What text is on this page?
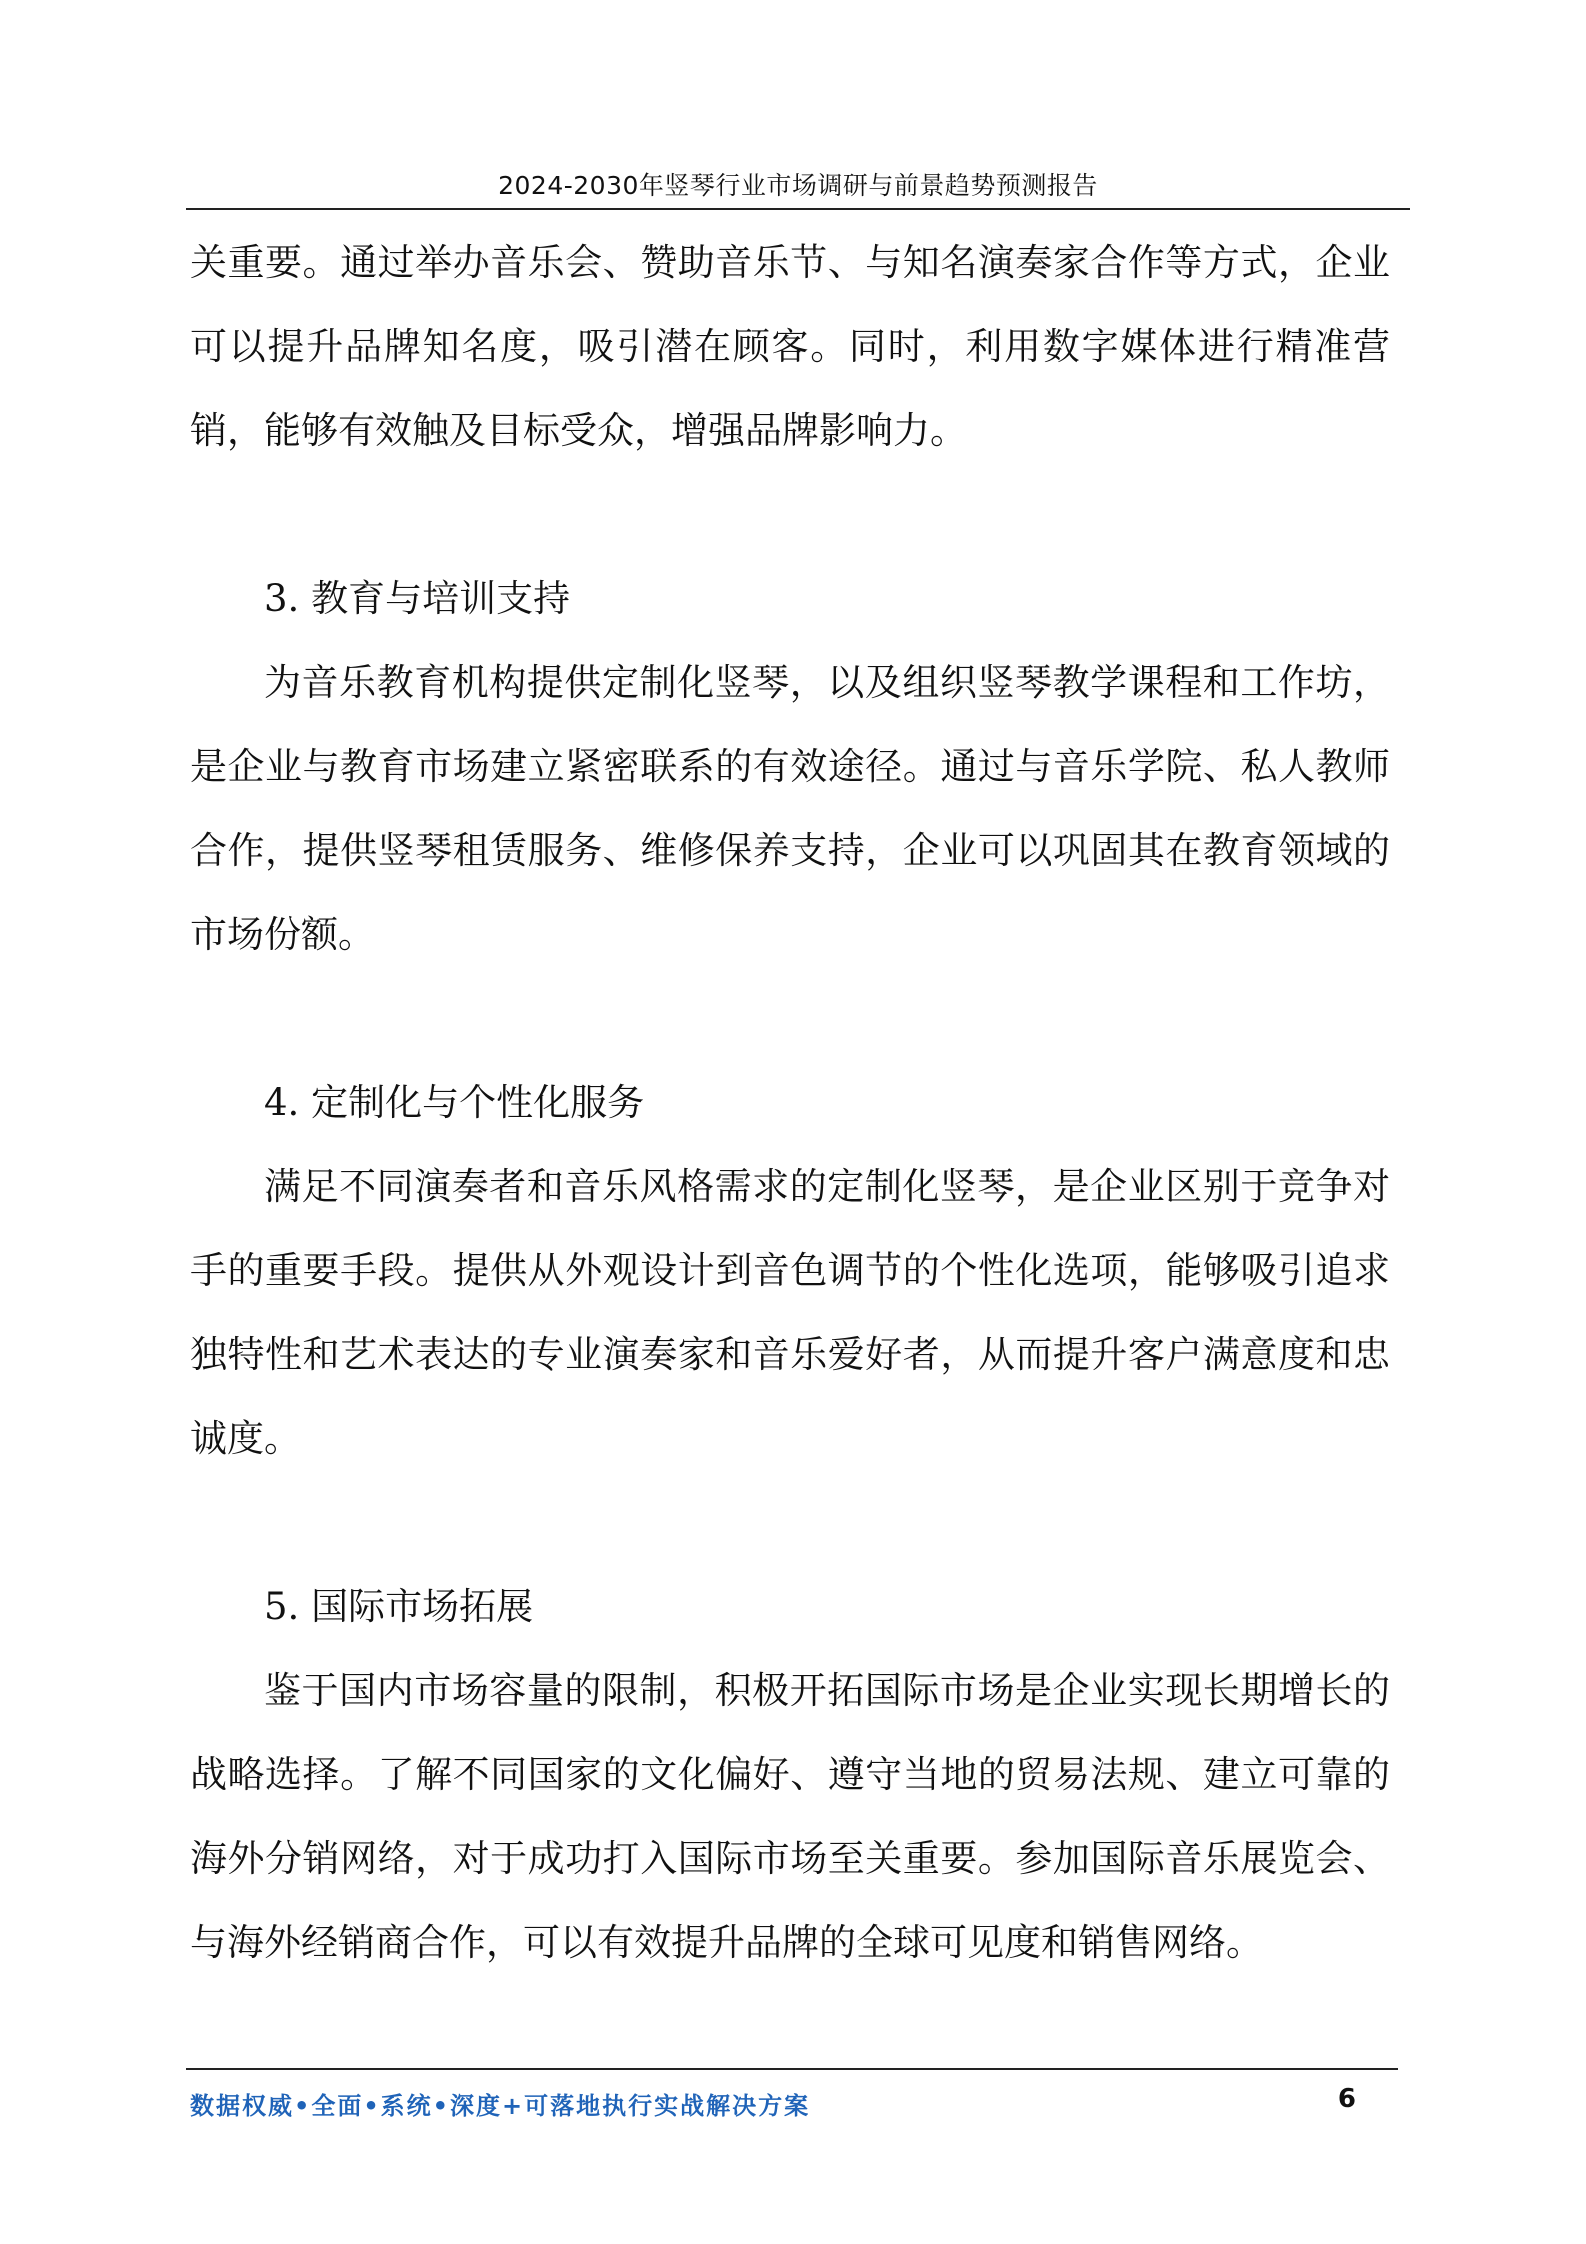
2024-2030年竖琴行业市场调研与前景趋势预测报告

关重要。通过举办音乐会、赞助音乐节、与知名演奏家合作等方式，企业可以提升品牌知名度，吸引潜在顾客。同时，利用数字媒体进行精准营销，能够有效触及目标受众，增强品牌影响力。

3. 教育与培训支持

为音乐教育机构提供定制化竖琴，以及组织竖琴教学课程和工作坊，是企业与教育市场建立紧密联系的有效途径。通过与音乐学院、私人教师合作，提供竖琴租赁服务、维修保养支持，企业可以巩固其在教育领域的市场份额。

4. 定制化与个性化服务

满足不同演奏者和音乐风格需求的定制化竖琴，是企业区别于竞争对手的重要手段。提供从外观设计到音色调节的个性化选项，能够吸引追求独特性和艺术表达的专业演奏家和音乐爱好者，从而提升客户满意度和忠诚度。

5. 国际市场拓展

鉴于国内市场容量的限制，积极开拓国际市场是企业实现长期增长的战略选择。了解不同国家的文化偏好、遵守当地的贸易法规、建立可靠的海外分销网络，对于成功打入国际市场至关重要。参加国际音乐展览会、与海外经销商合作，可以有效提升品牌的全球可见度和销售网络。

数据权威•全面•系统•深度+可落地执行实战解决方案	6
